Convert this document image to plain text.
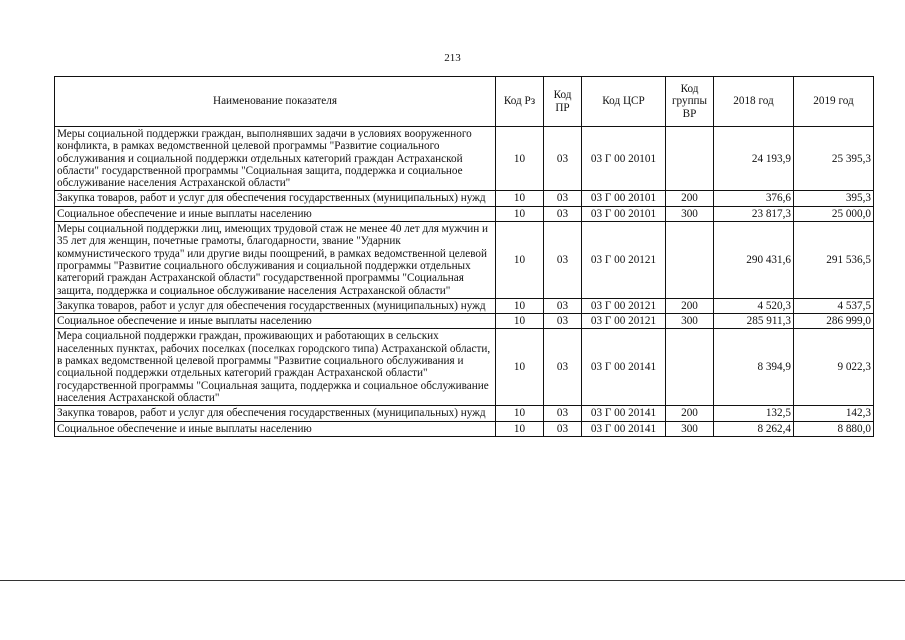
213
Наименование показателя	Код Рз	Код ПР	Код ЦСР	Код группы ВР	2018 год	2019 год
Меры социальной поддержки граждан, выполнявших задачи в условиях вооруженного конфликта, в рамках ведомственной целевой программы "Развитие социального обслуживания и социальной поддержки отдельных категорий граждан Астраханской области" государственной программы "Социальная защита, поддержка и социальное обслуживание населения Астраханской области"	10	03	03 Г 00 20101		24 193,9	25 395,3
Закупка товаров, работ и услуг для обеспечения государственных (муниципальных) нужд	10	03	03 Г 00 20101	200	376,6	395,3
Социальное обеспечение и иные выплаты населению	10	03	03 Г 00 20101	300	23 817,3	25 000,0
Меры социальной поддержки лиц, имеющих трудовой стаж не менее 40 лет для мужчин и 35 лет для женщин, почетные грамоты, благодарности, звание "Ударник коммунистического труда" или другие виды поощрений, в рамках ведомственной целевой программы "Развитие социального обслуживания и социальной поддержки отдельных категорий граждан Астраханской области" государственной программы "Социальная защита, поддержка и социальное обслуживание населения Астраханской области"	10	03	03 Г 00 20121		290 431,6	291 536,5
Закупка товаров, работ и услуг для обеспечения государственных (муниципальных) нужд	10	03	03 Г 00 20121	200	4 520,3	4 537,5
Социальное обеспечение и иные выплаты населению	10	03	03 Г 00 20121	300	285 911,3	286 999,0
Мера социальной поддержки граждан, проживающих и работающих в сельских населенных пунктах, рабочих поселках (поселках городского типа) Астраханской области, в рамках ведомственной целевой программы "Развитие социального обслуживания и социальной поддержки отдельных категорий граждан Астраханской области" государственной программы "Социальная защита, поддержка и социальное обслуживание населения Астраханской области"	10	03	03 Г 00 20141		8 394,9	9 022,3
Закупка товаров, работ и услуг для обеспечения государственных (муниципальных) нужд	10	03	03 Г 00 20141	200	132,5	142,3
Социальное обеспечение и иные выплаты населению	10	03	03 Г 00 20141	300	8 262,4	8 880,0
